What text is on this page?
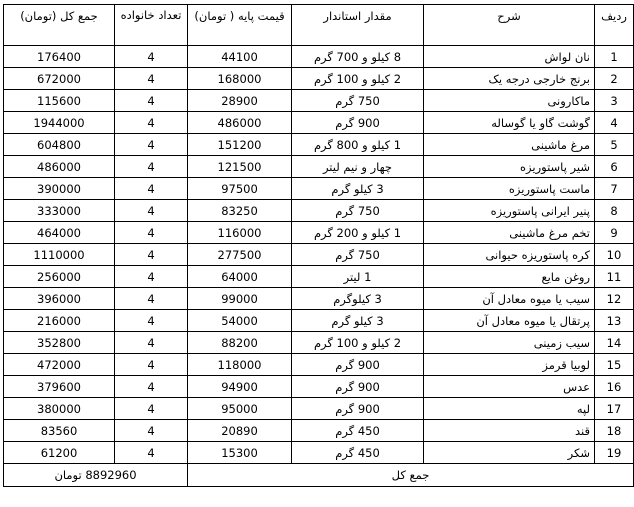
ردیف	شرح	مقدار استاندار	قیمت پایه ( تومان)	تعداد خانواده	جمع کل (تومان)
1	نان لواش	8 کیلو و 700 گرم	44100	4	176400
2	برنج خارجی درجه یک	2 کیلو و 100 گرم	168000	4	672000
3	ماکارونی	750 گرم	28900	4	115600
4	گوشت گاو یا گوساله	900 گرم	486000	4	1944000
5	مرغ ماشینی	1 کیلو و 800 گرم	151200	4	604800
6	شیر پاستوریزه	چهار و نیم لیتر	121500	4	486000
7	ماست پاستوریزه	3 کیلو گرم	97500	4	390000
8	پنیر ایرانی پاستوریزه	750 گرم	83250	4	333000
9	تخم مرغ ماشینی	1 کیلو و 200 گرم	116000	4	464000
10	کره پاستوریزه حیوانی	750 گرم	277500	4	1110000
11	روغن مایع	1 لیتر	64000	4	256000
12	سیب یا میوه معادل آن	3 کیلوگرم	99000	4	396000
13	پرتقال یا میوه معادل آن	3 کیلو گرم	54000	4	216000
14	سیب زمینی	2 کیلو و 100 گرم	88200	4	352800
15	لوبیا قرمز	900 گرم	118000	4	472000
16	عدس	900 گرم	94900	4	379600
17	لپه	900 گرم	95000	4	380000
18	قند	450 گرم	20890	4	83560
19	شکر	450 گرم	15300	4	61200
جمع کل				8892960 تومان	
